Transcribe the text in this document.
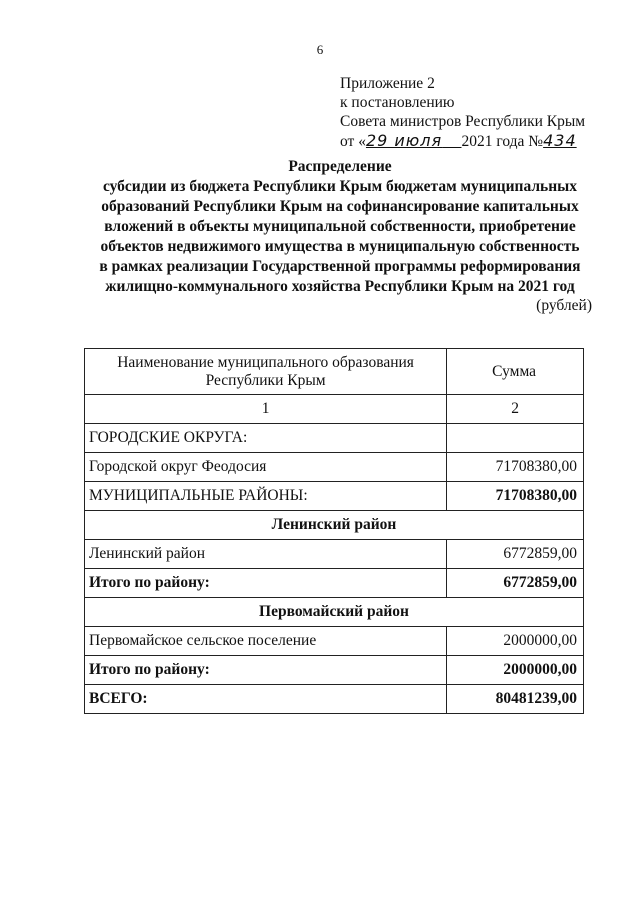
6
Приложение 2
к постановлению
Совета министров Республики Крым
от «29 июля 2021 года №434
Распределение
субсидии из бюджета Республики Крым бюджетам муниципальных
образований Республики Крым на софинансирование капитальных
вложений в объекты муниципальной собственности, приобретение
объектов недвижимого имущества в муниципальную собственность
в рамках реализации Государственной программы реформирования
жилищно-коммунального хозяйства Республики Крым на 2021 год
(рублей)
Наименование муниципального образования Республики Крым	Сумма
1	2
ГОРОДСКИЕ ОКРУГА:	
Городской округ Феодосия	71708380,00
МУНИЦИПАЛЬНЫЕ РАЙОНЫ:	71708380,00
Ленинский район	
Ленинский район	6772859,00
Итого по району:	6772859,00
Первомайский район	
Первомайское сельское поселение	2000000,00
Итого по району:	2000000,00
ВСЕГО:	80481239,00
